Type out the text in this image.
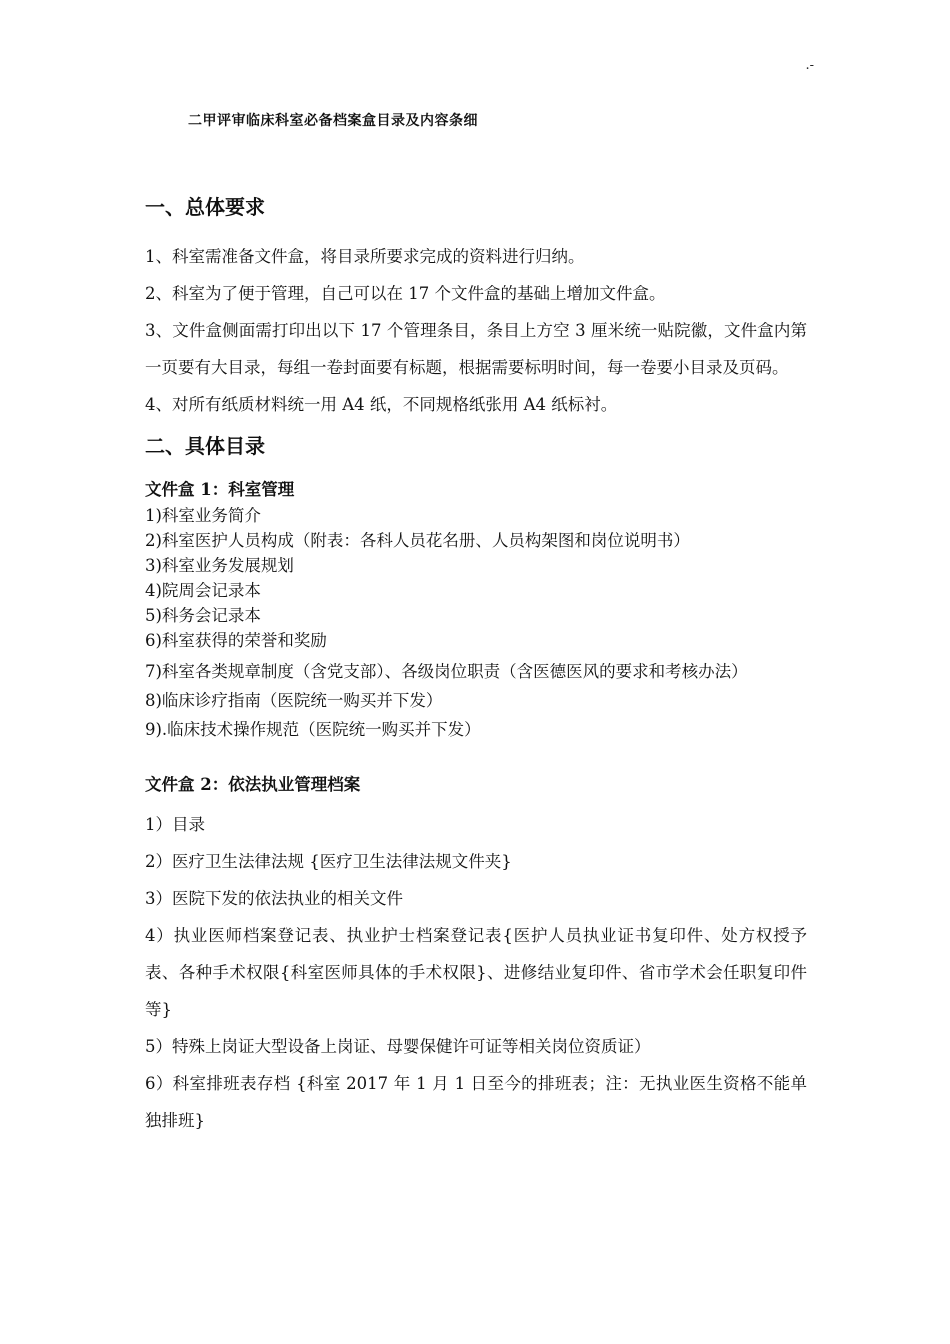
.-
二甲评审临床科室必备档案盒目录及内容条细
一、总体要求

1、科室需准备文件盒，将目录所要求完成的资料进行归纳。

2、科室为了便于管理，自己可以在 17 个文件盒的基础上增加文件盒。

3、文件盒侧面需打印出以下 17 个管理条目，条目上方空 3 厘米统一贴院徽，文件盒内第一页要有大目录，每组一卷封面要有标题，根据需要标明时间，每一卷要小目录及页码。

4、对所有纸质材料统一用 A4 纸，不同规格纸张用 A4 纸标衬。

二、具体目录

文件盒 1：科室管理

1)科室业务简介

2)科室医护人员构成（附表：各科人员花名册、人员构架图和岗位说明书）

3)科室业务发展规划

4)院周会记录本

5)科务会记录本

6)科室获得的荣誉和奖励

7)科室各类规章制度（含党支部）、各级岗位职责（含医德医风的要求和考核办法）

8)临床诊疗指南（医院统一购买并下发）

9).临床技术操作规范（医院统一购买并下发）

文件盒 2：依法执业管理档案

1）目录

2）医疗卫生法律法规 {医疗卫生法律法规文件夹}

3）医院下发的依法执业的相关文件

4）执业医师档案登记表、执业护士档案登记表{医护人员执业证书复印件、处方权授予表、各种手术权限{科室医师具体的手术权限}、进修结业复印件、省市学术会任职复印件等}

5）特殊上岗证大型设备上岗证、母婴保健许可证等相关岗位资质证）

6）科室排班表存档 {科室 2017 年 1 月 1 日至今的排班表；注：无执业医生资格不能单独排班}
